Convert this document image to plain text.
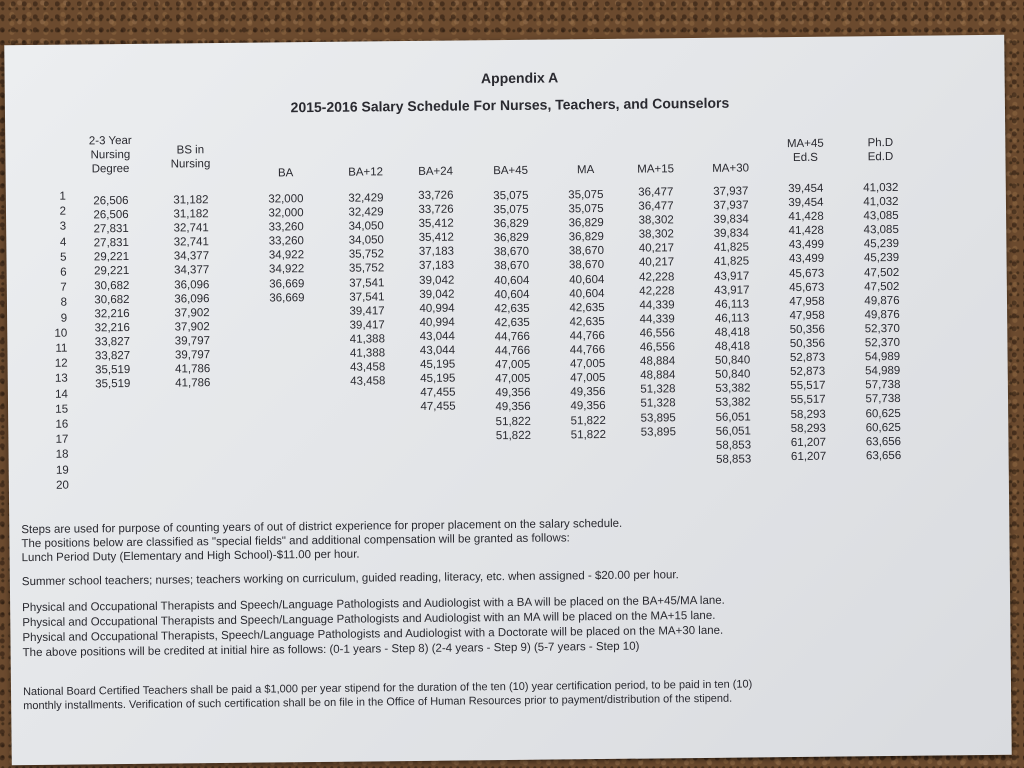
Appendix A
2015-2016 Salary Schedule For Nurses, Teachers, and Counselors
1
2
3
4
5
6
7
8
9
10
11
12
13
14
15
16
17
18
19
20
2-3 Year
Nursing
Degree
26,506
26,506
27,831
27,831
29,221
29,221
30,682
30,682
32,216
32,216
33,827
33,827
35,519
35,519
BS in
Nursing
31,182
31,182
32,741
32,741
34,377
34,377
36,096
36,096
37,902
37,902
39,797
39,797
41,786
41,786
BA
32,000
32,000
33,260
33,260
34,922
34,922
36,669
36,669
BA+12
32,429
32,429
34,050
34,050
35,752
35,752
37,541
37,541
39,417
39,417
41,388
41,388
43,458
43,458
BA+24
33,726
33,726
35,412
35,412
37,183
37,183
39,042
39,042
40,994
40,994
43,044
43,044
45,195
45,195
47,455
47,455
BA+45
35,075
35,075
36,829
36,829
38,670
38,670
40,604
40,604
42,635
42,635
44,766
44,766
47,005
47,005
49,356
49,356
51,822
51,822
MA
35,075
35,075
36,829
36,829
38,670
38,670
40,604
40,604
42,635
42,635
44,766
44,766
47,005
47,005
49,356
49,356
51,822
51,822
MA+15
36,477
36,477
38,302
38,302
40,217
40,217
42,228
42,228
44,339
44,339
46,556
46,556
48,884
48,884
51,328
51,328
53,895
53,895
MA+30
37,937
37,937
39,834
39,834
41,825
41,825
43,917
43,917
46,113
46,113
48,418
48,418
50,840
50,840
53,382
53,382
56,051
56,051
58,853
58,853
MA+45
Ed.S
39,454
39,454
41,428
41,428
43,499
43,499
45,673
45,673
47,958
47,958
50,356
50,356
52,873
52,873
55,517
55,517
58,293
58,293
61,207
61,207
Ph.D
Ed.D
41,032
41,032
43,085
43,085
45,239
45,239
47,502
47,502
49,876
49,876
52,370
52,370
54,989
54,989
57,738
57,738
60,625
60,625
63,656
63,656
Steps are used for purpose of counting years of out of district experience for proper placement on the salary schedule.
The positions below are classified as "special fields" and additional compensation will be granted as follows:
Lunch Period Duty (Elementary and High School)-$11.00 per hour.
Summer school teachers; nurses; teachers working on curriculum, guided reading, literacy, etc. when assigned - $20.00 per hour.
Physical and Occupational Therapists and Speech/Language Pathologists and Audiologist with a BA will be placed on the BA+45/MA lane.
Physical and Occupational Therapists and Speech/Language Pathologists and Audiologist with an MA will be placed on the MA+15 lane.
Physical and Occupational Therapists, Speech/Language Pathologists and Audiologist with a Doctorate will be placed on the MA+30 lane.
The above positions will be credited at initial hire as follows: (0-1 years - Step 8) (2-4 years - Step 9) (5-7 years - Step 10)
National Board Certified Teachers shall be paid a $1,000 per year stipend for the duration of the ten (10) year certification period, to be paid in ten (10)
monthly installments. Verification of such certification shall be on file in the Office of Human Resources prior to payment/distribution of the stipend.
